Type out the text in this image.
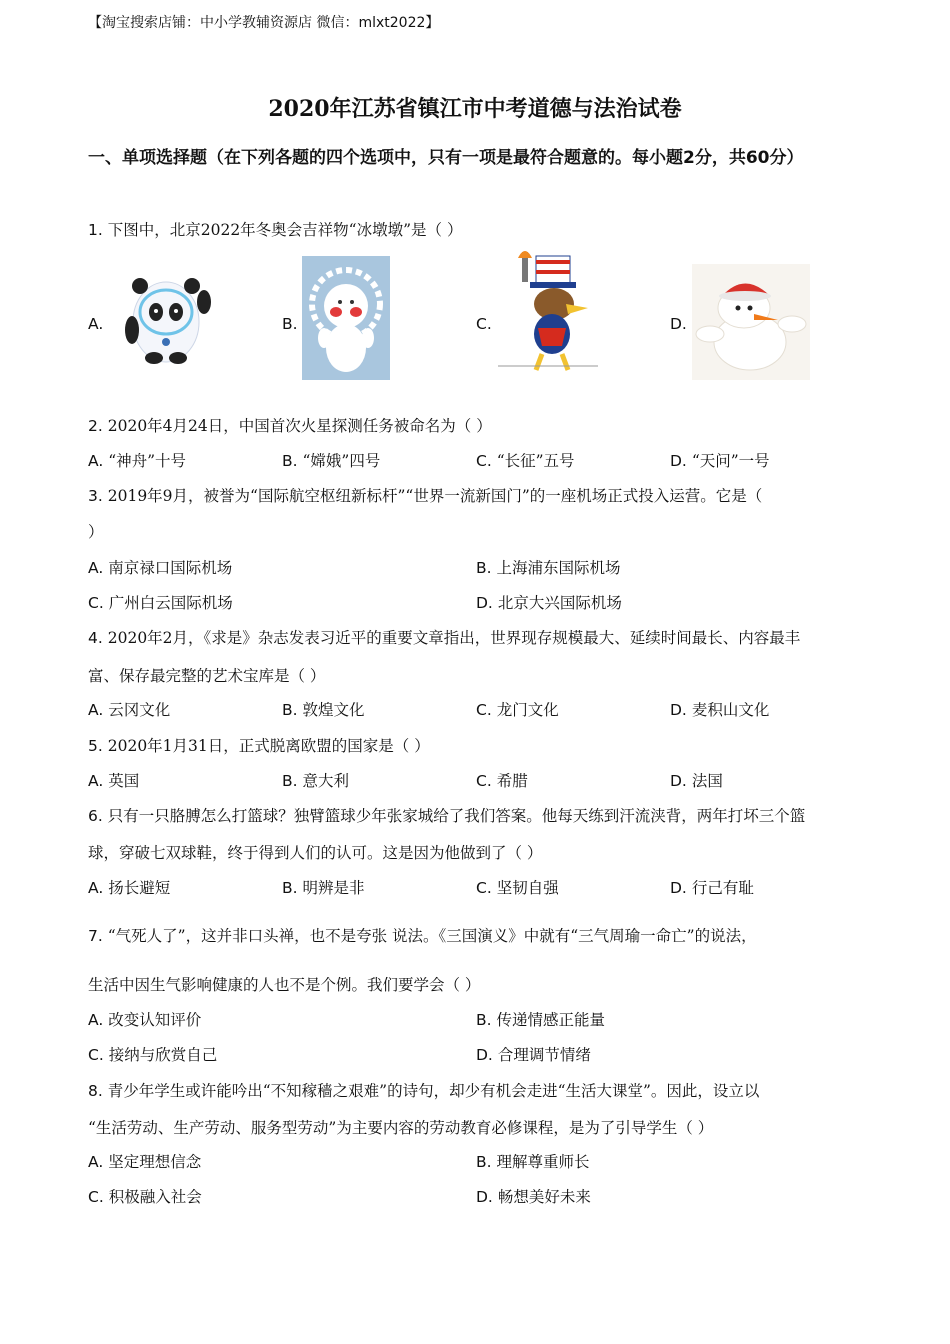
【淘宝搜索店铺：中小学教辅资源店 微信：mlxt2022】
2020年江苏省镇江市中考道德与法治试卷
一、单项选择题（在下列各题的四个选项中，只有一项是最符合题意的。每小题2分，共60分）
1. 下图中，北京2022年冬奥会吉祥物“冰墩墩”是（ ）
A.	B.	C.	D.
2. 2020年4月24日，中国首次火星探测任务被命名为（ ）
A. “神舟”十号	B. “嫦娥”四号	C. “长征”五号	D. “天问”一号
3. 2019年9月，被誉为“国际航空枢纽新标杆”“世界一流新国门”的一座机场正式投入运营。它是（
）
A. 南京禄口国际机场	B. 上海浦东国际机场
C. 广州白云国际机场	D. 北京大兴国际机场
4. 2020年2月，《求是》杂志发表习近平的重要文章指出，世界现存规模最大、延续时间最长、内容最丰
富、保存最完整的艺术宝库是（ ）
A. 云冈文化	B. 敦煌文化	C. 龙门文化	D. 麦积山文化
5. 2020年1月31日，正式脱离欧盟的国家是（ ）
A. 英国	B. 意大利	C. 希腊	D. 法国
6. 只有一只胳膊怎么打篮球？独臂篮球少年张家城给了我们答案。他每天练到汗流浃背，两年打坏三个篮
球，穿破七双球鞋，终于得到人们的认可。这是因为他做到了（ ）
A. 扬长避短	B. 明辨是非	C. 坚韧自强	D. 行己有耻
7. “气死人了”，这并非口头禅，也不是夸张 说法。《三国演义》中就有“三气周瑜一命亡”的说法，
生活中因生气影响健康的人也不是个例。我们要学会（ ）
A. 改变认知评价	B. 传递情感正能量
C. 接纳与欣赏自己	D. 合理调节情绪
8. 青少年学生或许能吟出“不知稼穑之艰难”的诗句，却少有机会走进“生活大课堂”。因此，设立以
“生活劳动、生产劳动、服务型劳动”为主要内容的劳动教育必修课程，是为了引导学生（ ）
A. 坚定理想信念	B. 理解尊重师长
C. 积极融入社会	D. 畅想美好未来
